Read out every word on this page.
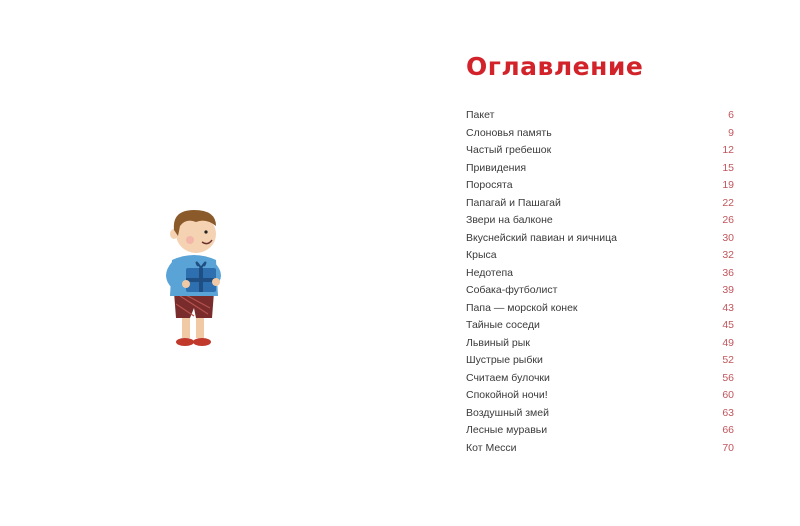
Оглавление
Пакет	6
Слоновья память	9
Частый гребешок	12
Привидения	15
Поросята	19
Папагай и Пашагай	22
Звери на балконе	26
Вкуснейский павиан и яичница	30
Крыса	32
Недотепа	36
Собака-футболист	39
Папа — морской конек	43
Тайные соседи	45
Львиный рык	49
Шустрые рыбки	52
Считаем булочки	56
Спокойной ночи!	60
Воздушный змей	63
Лесные муравьи	66
Кот Месси	70
